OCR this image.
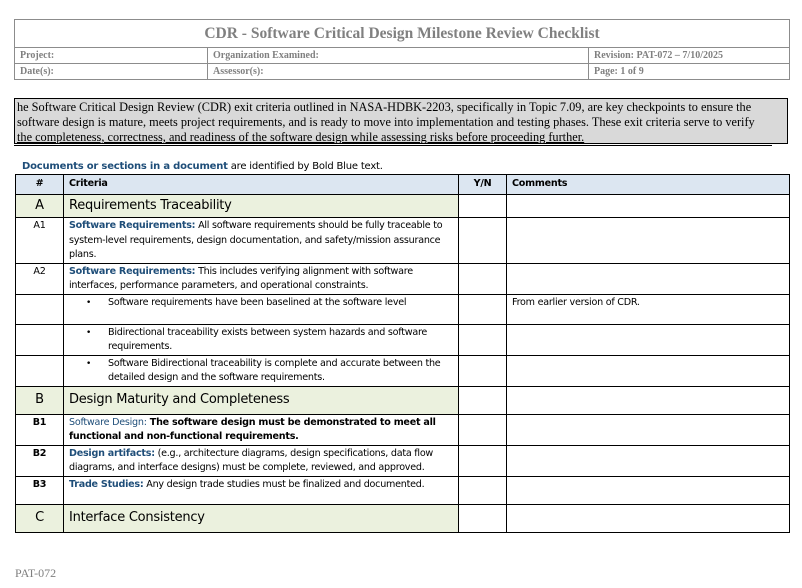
CDR - Software Critical Design Milestone Review Checklist		
Project:	Organization Examined:	Revision: PAT-072 – 7/10/2025
Date(s):	Assessor(s):	Page: 1 of 9
he Software Critical Design Review (CDR) exit criteria outlined in NASA-HDBK-2203, specifically in Topic 7.09, are key checkpoints to ensure the
software design is mature, meets project requirements, and is ready to move into implementation and testing phases. These exit criteria serve to verify
the completeness, correctness, and readiness of the software design while assessing risks before proceeding further.
Documents or sections in a document are identified by Bold Blue text.
#	Criteria	Y/N	Comments
A	Requirements Traceability		
A1	Software Requirements: All software requirements should be fully traceable to system-level requirements, design documentation, and safety/mission assurance plans.		
A2	Software Requirements: This includes verifying alignment with software interfaces, performance parameters, and operational constraints.		

	• Software requirements have been baselined at the software level		From earlier version of CDR.

	• Bidirectional traceability exists between system hazards and software requirements.		

	• Software Bidirectional traceability is complete and accurate between the detailed design and the software requirements.		

B	Design Maturity and Completeness		
B1	Software Design: The software design must be demonstrated to meet all functional and non-functional requirements.		
B2	Design artifacts: (e.g., architecture diagrams, design specifications, data flow diagrams, and interface designs) must be complete, reviewed, and approved.		
B3	Trade Studies: Any design trade studies must be finalized and documented.		
C	Interface Consistency		
PAT-072
